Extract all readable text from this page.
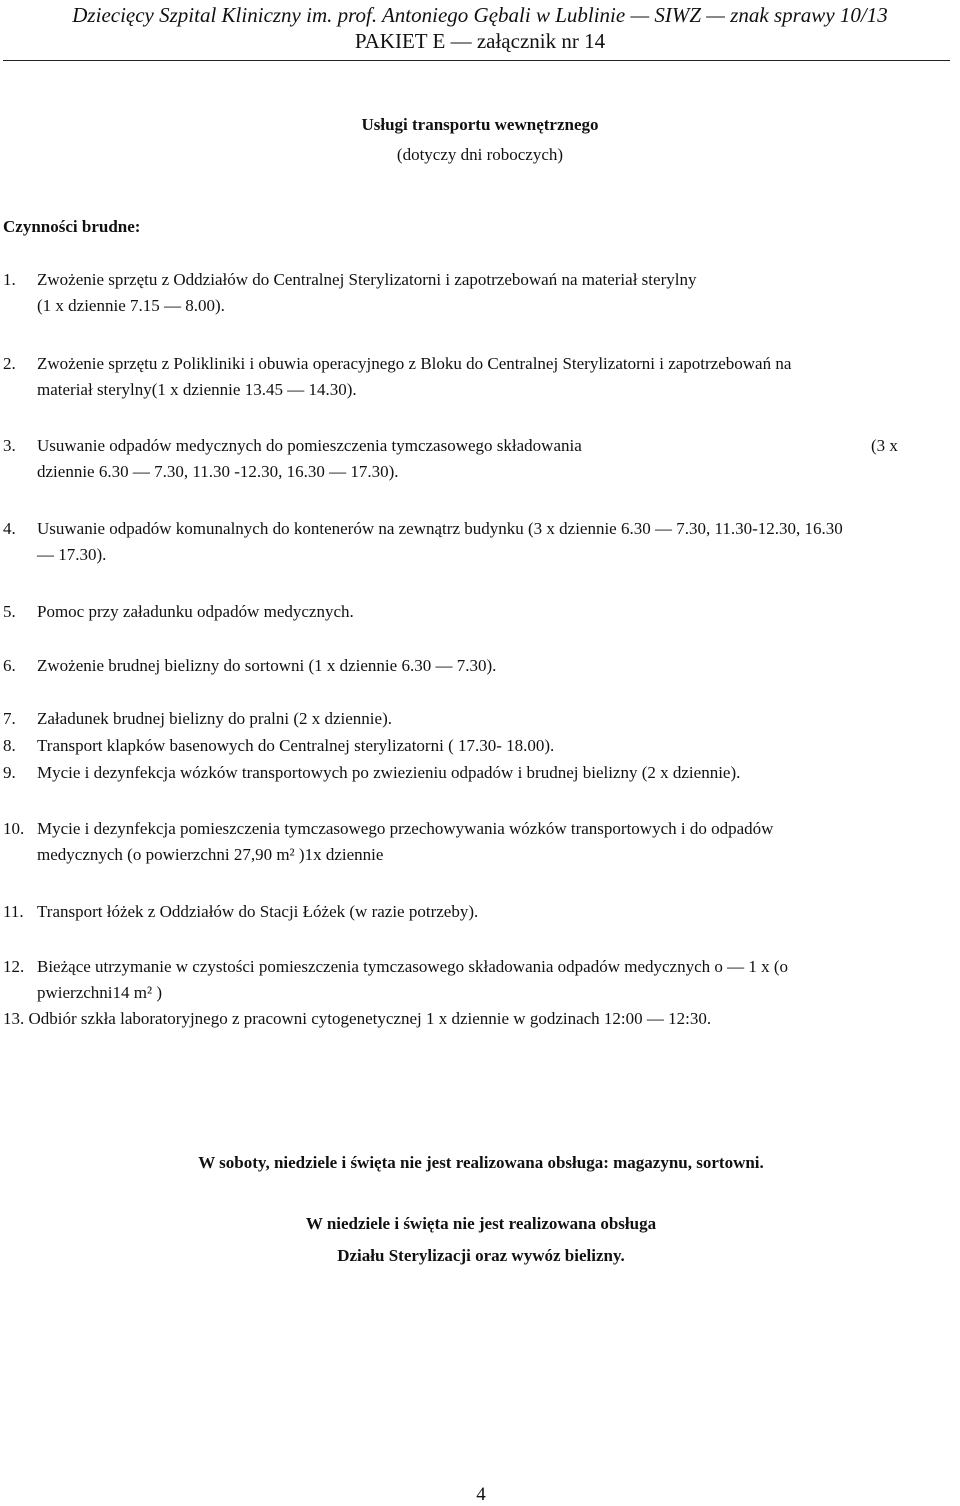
Dziecięcy Szpital Kliniczny im. prof. Antoniego Gębali w Lublinie — SIWZ — znak sprawy 10/13
PAKIET E — załącznik nr 14
Usługi transportu wewnętrznego
(dotyczy dni roboczych)
Czynności brudne:
1. Zwożenie sprzętu z Oddziałów do Centralnej Sterylizatorni i zapotrzebowań na materiał sterylny
(1 x dziennie 7.15 — 8.00).
2. Zwożenie sprzętu z Polikliniki i obuwia operacyjnego z Bloku do Centralnej Sterylizatorni i zapotrzebowań na
materiał sterylny(1 x dziennie 13.45 — 14.30).
3. Usuwanie odpadów medycznych do pomieszczenia tymczasowego składowania
dziennie 6.30 — 7.30, 11.30 -12.30, 16.30 — 17.30).
(3 x
4. Usuwanie odpadów komunalnych do kontenerów na zewnątrz budynku (3 x dziennie 6.30 — 7.30, 11.30-12.30, 16.30
— 17.30).
5. Pomoc przy załadunku odpadów medycznych.
6. Zwożenie brudnej bielizny do sortowni (1 x dziennie 6.30 — 7.30).
7. Załadunek brudnej bielizny do pralni (2 x dziennie).
8. Transport klapków basenowych do Centralnej sterylizatorni ( 17.30- 18.00).
9. Mycie i dezynfekcja wózków transportowych po zwiezieniu odpadów i brudnej bielizny (2 x dziennie).
10. Mycie i dezynfekcja pomieszczenia tymczasowego przechowywania wózków transportowych i do odpadów
medycznych (o powierzchni 27,90 m² )1x dziennie
11. Transport łóżek z Oddziałów do Stacji Łóżek (w razie potrzeby).
12. Bieżące utrzymanie w czystości pomieszczenia tymczasowego składowania odpadów medycznych o — 1 x (o
pwierzchni14 m² )
13. Odbiór szkła laboratoryjnego z pracowni cytogenetycznej 1 x dziennie w godzinach 12:00 — 12:30.
W soboty, niedziele i święta nie jest realizowana obsługa: magazynu, sortowni.
W niedziele i święta nie jest realizowana obsługa
Działu Sterylizacji oraz wywóz bielizny.
4
